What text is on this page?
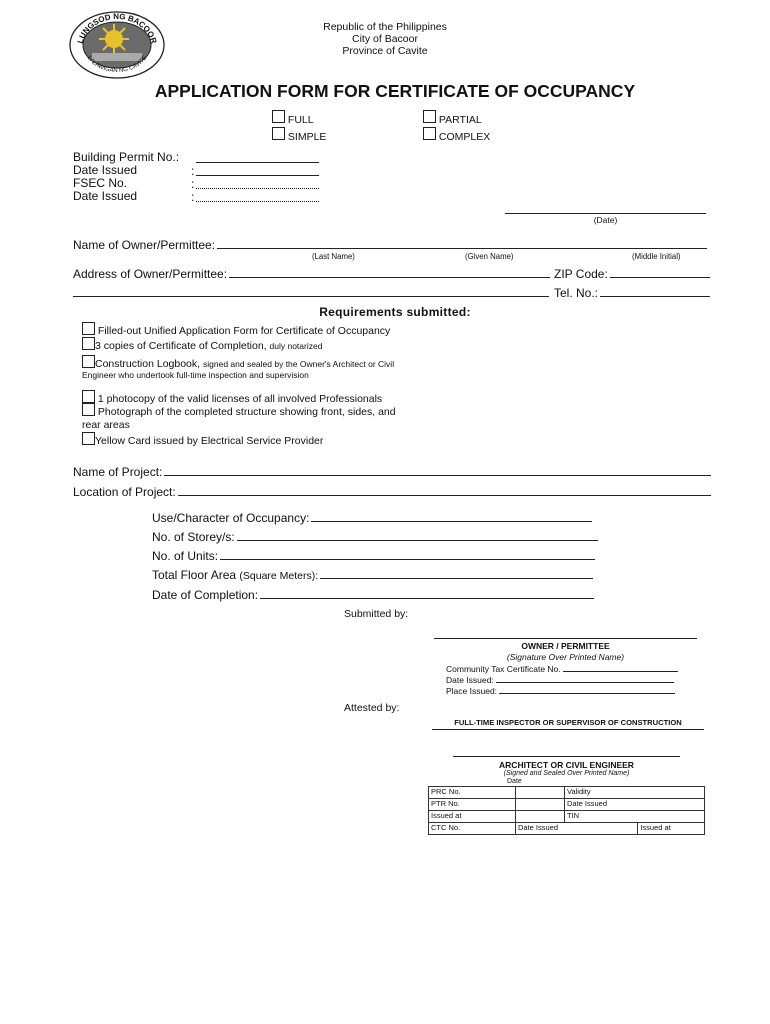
LUNGSOD NG BACOOR
LALAWIGAN NG CAVITE
Republic of the Philippines
City of Bacoor
Province of Cavite
APPLICATION FORM FOR CERTIFICATE OF OCCUPANCY
FULL
SIMPLE
PARTIAL
COMPLEX
Building Permit No.:
Date Issued
FSEC No.
Date Issued
:
:
:
(Date)
Name of Owner/Permittee:
(Last Name)	(Given Name)	(Middle Initial)
Address of Owner/Permittee:	ZIP Code:
Tel. No.:
Requirements submitted:
Filled-out Unified Application Form for Certificate of Occupancy
3 copies of Certificate of Completion, duly notarized
Construction Logbook, signed and sealed by the Owner's Architect or Civil Engineer who undertook full-time inspection and supervision
1 photocopy of the valid licenses of all involved Professionals
Photograph of the completed structure showing front, sides, and rear areas
Yellow Card issued by Electrical Service Provider
Name of Project:
Location of Project:
Use/Character of Occupancy:
No. of Storey/s:
No. of Units:
Total Floor Area
(Square Meters):
Date of Completion:
Submitted by:
OWNER / PERMITTEE
(Signature Over Printed Name)
Community Tax Certificate No.
Date Issued:
Place Issued:
Attested by:
FULL-TIME INSPECTOR OR SUPERVISOR OF CONSTRUCTION
ARCHITECT OR CIVIL ENGINEER
(Signed and Sealed Over Printed Name)
Date
PRC No.		Validity	
PTR No.		Date Issued	
Issued at		TIN	
CTC No.	Date Issued		Issued at
